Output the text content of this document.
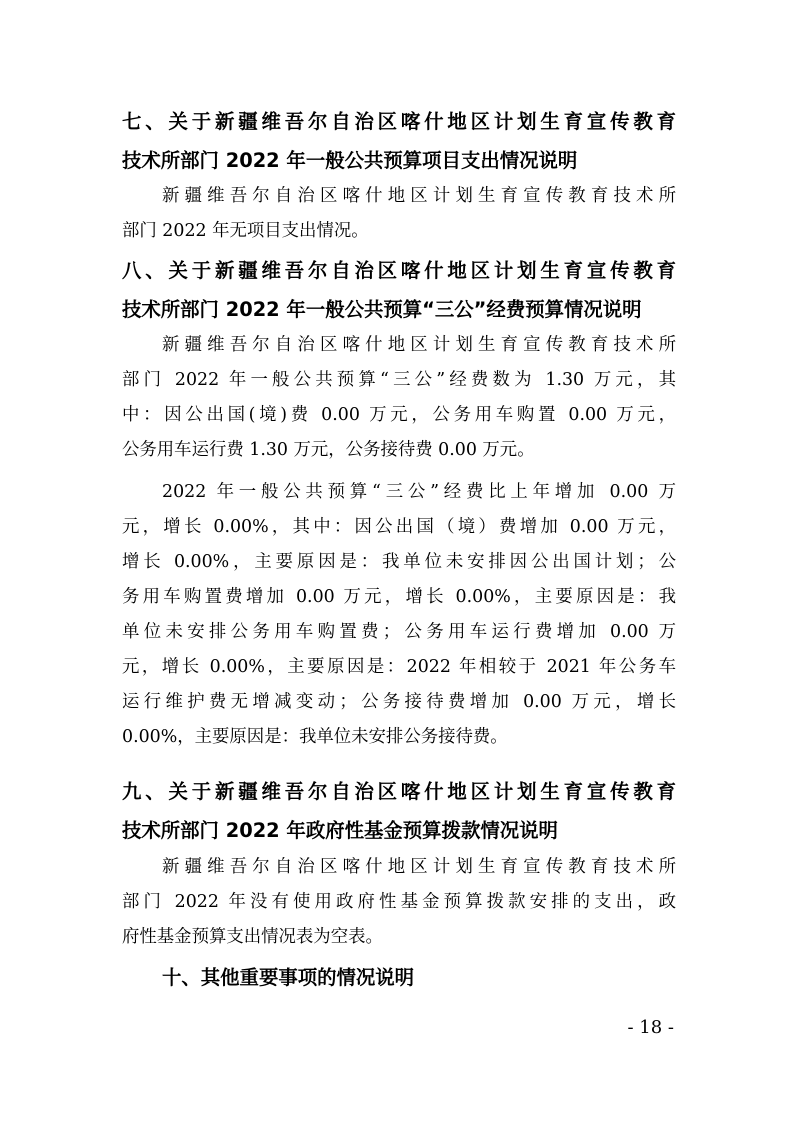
七、关于新疆维吾尔自治区喀什地区计划生育宣传教育
技术所部门 2022 年一般公共预算项目支出情况说明
新疆维吾尔自治区喀什地区计划生育宣传教育技术所
部门 2022 年无项目支出情况。
八、关于新疆维吾尔自治区喀什地区计划生育宣传教育
技术所部门 2022 年一般公共预算“三公”经费预算情况说明
新疆维吾尔自治区喀什地区计划生育宣传教育技术所
部门 2022 年一般公共预算“三公”经费数为 1.30 万元，其
中：因公出国(境)费 0.00 万元，公务用车购置 0.00 万元，
公务用车运行费 1.30 万元，公务接待费 0.00 万元。
2022 年一般公共预算“三公”经费比上年增加 0.00 万
元，增长 0.00%，其中：因公出国（境）费增加 0.00 万元，
增长 0.00%，主要原因是：我单位未安排因公出国计划；公
务用车购置费增加 0.00 万元，增长 0.00%，主要原因是：我
单位未安排公务用车购置费；公务用车运行费增加 0.00 万
元，增长 0.00%，主要原因是：2022 年相较于 2021 年公务车
运行维护费无增减变动；公务接待费增加 0.00 万元，增长
0.00%，主要原因是：我单位未安排公务接待费。
九、关于新疆维吾尔自治区喀什地区计划生育宣传教育
技术所部门 2022 年政府性基金预算拨款情况说明
新疆维吾尔自治区喀什地区计划生育宣传教育技术所
部门 2022 年没有使用政府性基金预算拨款安排的支出，政
府性基金预算支出情况表为空表。
十、其他重要事项的情况说明
- 18 -
